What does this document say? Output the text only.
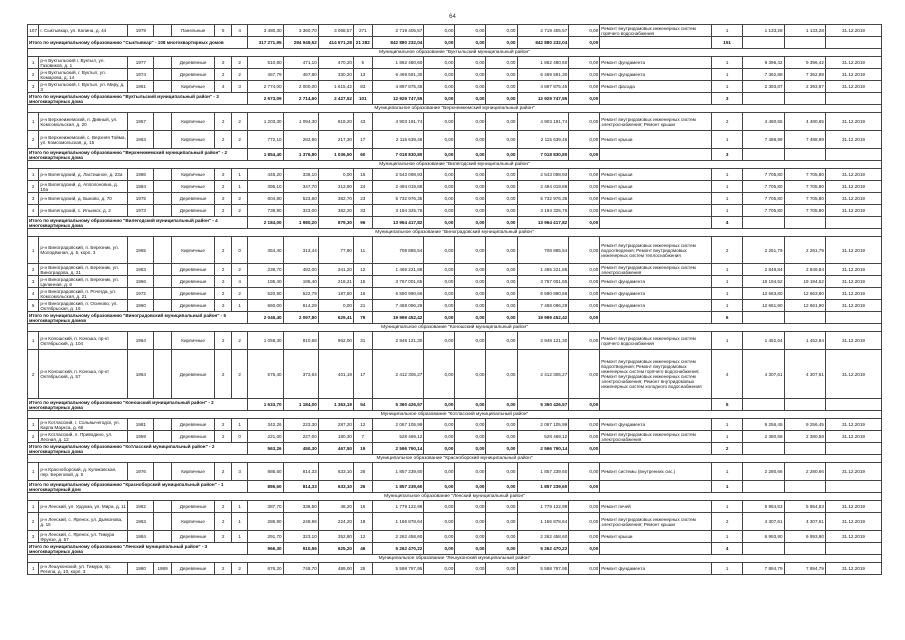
64
107	г. Сыктывкар, ул. Калина, д. 44	1979		Панельные	5	4	3 480,30	3 360,70	3 068,57	271	2 719 405,57	0,00	0,00	0,00	2 719 405,57	0,00	Ремонт внутридомовых инженерных систем горячего водоснабжения	1	1 133,28	1 133,28	31.12.2019
Итого по муниципальному образованию "Сыктывкар" - 108 многоквартирных домов							317 271,95	284 949,52	414 571,28	21 282	842 880 232,04	0,00	0,00	0,00	842 880 232,04	0,00		151			
Муниципальное образование "Вуктыльский муниципальный район"																					
1	р-н Вуктыльский г. Вуктыл, ул. Газовиков, д. 1	1977		Деревянные	2	2	510,80	471,10	470,20	5	1 862 480,60	0,00	0,00	0,00	1 862 480,60	0,00	Ремонт фундамента	1	9 396,42	9 396,42	31.12.2019
2	р-н Вуктыльский, г. Вуктыл, ул. Комарова, д. 14	1974		Деревянные	2	2	467,79	467,80	330,20	13	6 469 591,30	0,00	0,00	0,00	6 469 591,30	0,00	Ремонт фундамента	1	7 362,88	7 362,88	31.12.2019
3	р-н Вуктыльский, г. Вуктыл, ул. Миру, д. 3	1961		Кирпичные	4	3	2 774,00	2 000,00	1 615,42	83	4 897 875,45	0,00	0,00	0,00	4 897 875,45	0,00	Ремонт фасада	1	2 393,87	2 393,87	31.12.2019
Итого по муниципальному образованию "Вуктыльский муниципальный район" - 3 многоквартирных дома							2 673,09	2 714,60	2 427,52	101	12 929 747,55	0,00	0,00	0,00	12 929 747,55	0,00		3			
Муниципальное образование "Верхнеижемский муниципальный район"																					
1	р-н Верхнеижемский, п. Дивный, ул. Комсомольская, д. 20	1957		Кирпичные	2	2	1 203,30	1 094,30	819,20	43	4 903 191,74	0,00	0,00	0,00	4 903 191,74	0,00	Ремонт внутридомовых инженерных систем электроснабжения; Ремонт крыши	2	4 480,65	4 480,65	31.12.2019
2	р-н Верхнеижемский, с. Верхняя Тойма, ул. Комсомольская, д. 15	1963		Кирпичные	2	2	772,10	282,90	217,30	17	2 115 639,46	0,00	0,00	0,00	2 115 639,46	0,00	Ремонт крыши	1	7 488,99	7 488,99	31.12.2019
Итого по муниципальному образованию "Верхнеижемский муниципальный район" - 2 многоквартирных дома							1 854,40	1 376,80	1 036,50	60	7 018 830,80	0,00	0,00	0,00	7 018 830,80	0,00		3			
Муниципальное образование "Вилегодский муниципальный район"																					
1	р-н Вилегодский, д. Ластишное, д. 23а	1986		Кирпичные	2	1	445,20	338,10	0,00	16	2 543 098,93	0,00	0,00	0,00	2 543 098,93	0,00	Ремонт крыши	1	7 705,80	7 705,80	31.12.2019
2	р-н Вилегодский, д. Апполоновна, д. 10а	1984		Кирпичные	2	1	395,10	347,70	313,90	24	2 494 019,88	0,00	0,00	0,00	2 494 019,88	0,00	Ремонт крыши	1	7 705,80	7 705,80	31.12.2019
3	р-н Вилегодский, д. Быково, д. 70	1975		Деревянные	2	2	604,80	523,60	382,70	23	5 732 976,35	0,00	0,00	0,00	5 732 976,35	0,00	Ремонт крыши	1	7 705,80	7 705,80	31.12.2019
4	р-н Вилегодский, с. Ильинск, д. 2	1973		Деревянные	2	2	738,90	323,00	382,20	33	3 194 325,76	0,00	0,00	0,00	3 194 325,76	0,00	Ремонт крыши	1	7 705,80	7 705,80	31.12.2019
Итого по муниципальному образованию "Вилегодский муниципальный район" - 4 многоквартирных дома							2 184,00	1 980,20	879,30	96	13 964 417,82	0,00	0,00	0,00	13 964 417,82	0,00		4			
Муниципальное образование "Виноградовский муниципальный район"																					
1	р-н Виноградовский, п. Березник, ул. Молодёжная, д. 5, корп. 3	1965		Кирпичные	2	0	354,40	313,44	77,90	11	708 885,54	0,00	0,00	0,00	708 885,54	0,00	Ремонт внутридомовых инженерных систем водоотведения; Ремонт внутридомовых инженерных систем теплоснабжения	2	2 261,79	2 261,79	31.12.2019
2	р-н Виноградовский, п. Березник, ул. Виноградова, д. 21	1983		Деревянные	2	2	239,70	482,00	341,20	12	1 465 221,86	0,00	0,00	0,00	1 465 221,86	0,00	Ремонт внутридомовых инженерных систем электроснабжения	1	2 849,84	2 849,84	31.12.2019
3	р-н Виноградовский, п. Березник, ул. Целинная, д. 6	1966		Деревянные	2	4	195,40	195,40	218,21	15	3 767 001,65	0,00	0,00	0,00	3 767 001,65	0,00	Ремонт фундамента	1	19 194,52	19 194,52	31.12.2019
4	р-н Виноградовский, п. Рочегда, ул. Комсомольская, д. 21	1972		Деревянные	2	2	520,90	522,79	187,80	16	6 590 990,66	0,00	0,00	0,00	6 590 990,66	0,00	Ремонт фундамента	1	12 663,80	12 663,80	31.12.2019
5	р-н Виноградовский, п. Осиново, ул. Октябрьская, д. 16	1960		Деревянные	2	1	660,00	614,29	0,00	21	7 468 096,29	0,00	0,00	0,00	7 468 096,29	0,00	Ремонт фундамента	1	12 661,90	12 661,90	31.12.2019
Итого по муниципальному образованию "Виноградовский муниципальный район" - 5 многоквартирных домов							2 046,40	2 097,80	629,41	79	19 999 452,42	0,00	0,00	0,00	19 999 452,42	0,00		6			
Муниципальное образование "Коношский муниципальный район"																					
1	р-н Коношский, п. Коноша, пр-кт Октябрьский, д. 104	1984		Кирпичные	2	2	1 058,30	810,68	962,00	31	2 948 121,30	0,00	0,00	0,00	2 948 121,30	0,00	Ремонт внутридомовых инженерных систем горячего водоснабжения	1	1 452,64	1 452,64	31.12.2019
2	р-н Коношский, п. Коноша, пр-кт Октябрьский, д. 57	1964		Деревянные	2	2	575,40	373,64	401,19	17	2 412 305,27	0,00	0,00	0,00	2 412 305,27	0,00	Ремонт внутридомовых инженерных систем водоотведения; Ремонт внутридомовых инженерных систем горячего водоснабжения; Ремонт внутридомовых инженерных систем электроснабжения; Ремонт внутридомовых инженерных систем холодного водоснабжения	4	4 307,61	4 307,61	31.12.2019
Итого по муниципальному образованию "Коношский муниципальный район" - 2 многоквартирных дома							1 633,70	1 184,00	1 363,19	54	5 360 426,57	0,00	0,00	0,00	5 360 426,57	0,00		5			
Муниципальное образование "Котласский муниципальный район"																					
1	р-н Котласский, г. Сольвычегодск, ул. Карла Маркса, д. 65	1981		Деревянные	2	1	342,26	223,30	287,20	12	2 067 105,99	0,00	0,00	0,00	2 067 105,99	0,00	Ремонт фундамента	1	9 256,45	9 256,45	31.12.2019
2	р-н Котласский, п. Приводино, ул. Лесная, д. 12	1959		Деревянные	2	0	221,00	227,00	180,30	7	528 469,12	0,00	0,00	0,00	528 469,12	0,00	Ремонт внутридомовых инженерных систем электроснабжения	1	2 380,58	2 380,58	31.12.2019
Итого по муниципальному образованию "Котласский муниципальный район" - 2 многоквартирных дома							563,26	450,30	467,50	19	2 596 790,14	0,00	0,00	0,00	2 596 790,14	0,00		2			
Муниципальное образование "Красноборский муниципальный район"																					
1	р-н Красноборский, д. Куликовская, пер. Береговой, д. 5	1976		Кирпичные	2	3	886,60	814,33	633,10	26	1 857 239,60	0,00	0,00	0,00	1 857 239,60	0,00	Ремонт системы (внутренних сис.)	1	2 280,66	2 280,66	31.12.2019
Итого по муниципальному образованию "Красноборский муниципальный район" - 1 многоквартирный дом							886,60	814,33	633,10	26	1 857 239,60	0,00	0,00	0,00	1 857 239,60	0,00		1			
Муниципальное образование "Ленский муниципальный район"																					
1	р-н Ленский, ул. Урдома, ул. Мира, д. 11	1962		Деревянные	2	1	387,70	338,50	48,20	16	1 779 122,98	0,00	0,00	0,00	1 779 122,98	0,00	Ремонт печей	1	5 864,53	5 864,53	31.12.2019
2	р-н Ленский, с. Яренск, ул. Дьяконова, д. 15	1963		Кирпичные	2	1	286,90	248,96	224,20	18	1 166 878,64	0,00	0,00	0,00	1 166 878,64	0,00	Ремонт внутридомовых инженерных систем электроснабжения; Ремонт крыши	2	4 307,61	4 307,61	31.12.2019
3	р-н Ленский, с. Яренск, ул. Тимура Фрунзе, д. 57	1984		Деревянные	2	1	291,70	323,10	352,80	12	2 262 458,60	0,00	0,00	0,00	2 262 458,60	0,00	Ремонт крыши	1	6 993,90	6 993,90	31.12.2019
Итого по муниципальному образованию "Ленский муниципальный район" - 3 многоквартирных дома							966,30	910,56	625,20	46	5 262 470,22	0,00	0,00	0,00	5 262 470,22	0,00		4			
Муниципальное образование "Лешуконский муниципальный район"																					
1	р-н Лешуконский, ул. Тимура, пр. Регила, д. 10, корп. 3	1980	1989	Деревянные	2	2	676,20	748,70	489,00	25	5 598 797,95	0,00	0,00	0,00	5 598 797,95	0,00	Ремонт фундамента	1	7 894,79	7 894,79	31.12.2019
